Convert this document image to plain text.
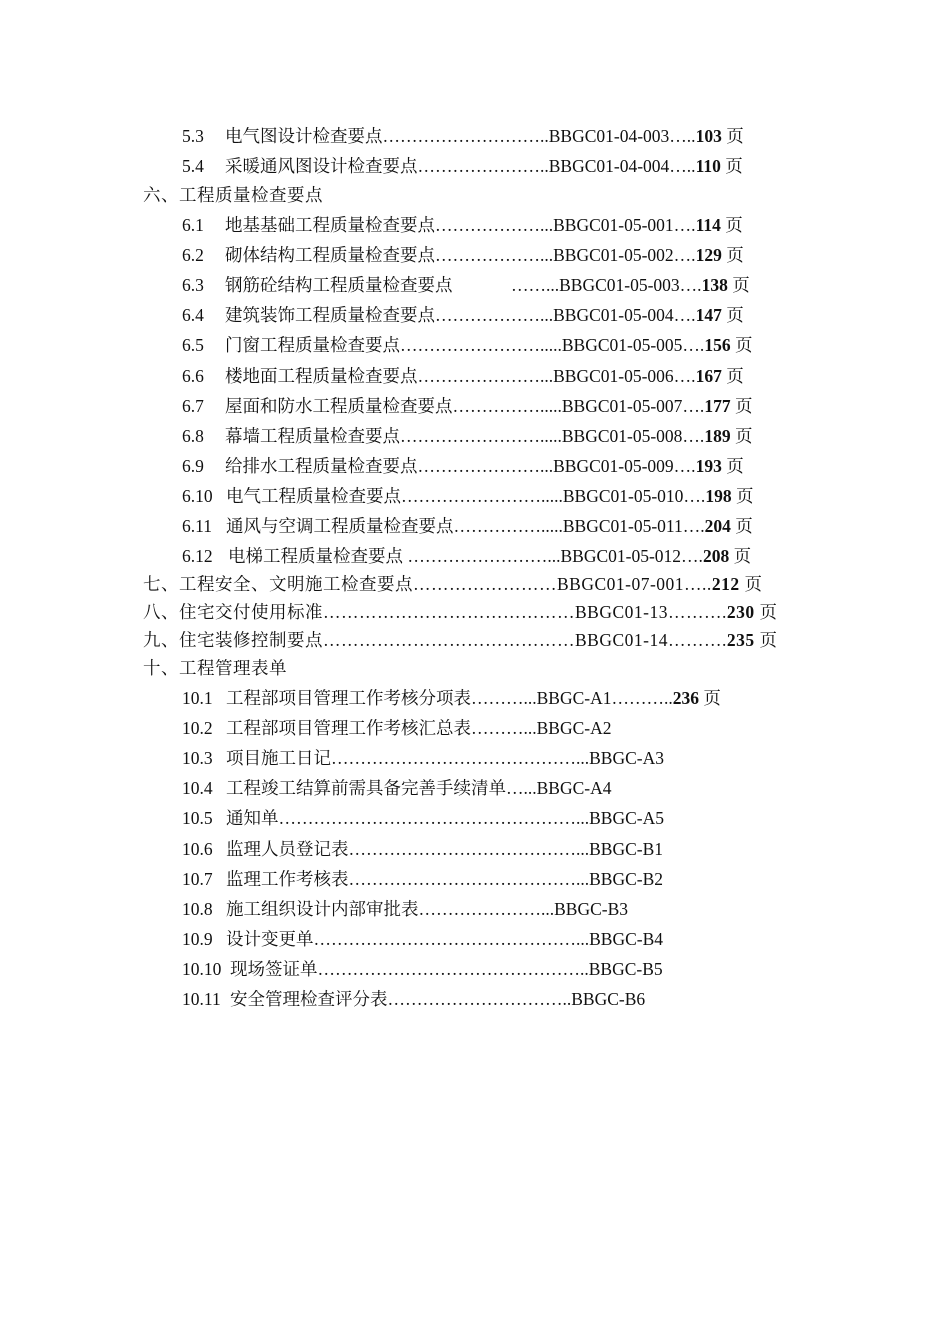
5.3 电气图设计检查要点………………………..BBGC01-04-003…..103 页
5.4 采暖通风图设计检查要点…………………..BBGC01-04-004…..110 页
六、工程质量检查要点
6.1 地基基础工程质量检查要点………………...BBGC01-05-001….114 页
6.2 砌体结构工程质量检查要点………………...BBGC01-05-002….129 页
6.3 钢筋砼结构工程质量检查要点	……...BBGC01-05-003….138 页
6.4 建筑装饰工程质量检查要点………………...BBGC01-05-004….147 页
6.5 门窗工程质量检查要点…………………….....BBGC01-05-005….156 页
6.6 楼地面工程质量检查要点…………………...BBGC01-05-006….167 页
6.7 屋面和防水工程质量检查要点…………….....BBGC01-05-007….177 页
6.8 幕墙工程质量检查要点…………………….....BBGC01-05-008….189 页
6.9 给排水工程质量检查要点…………………...BBGC01-05-009….193 页
6.10 电气工程质量检查要点…………………….....BBGC01-05-010….198 页
6.11 通风与空调工程质量检查要点…………….....BBGC01-05-011….204 页
6.12 电梯工程质量检查要点 ……………………...BBGC01-05-012….208 页
七、工程安全、文明施工检查要点……………………BBGC01-07-001…..212 页
八、住宅交付使用标准……………………………………BBGC01-13……….230 页
九、住宅装修控制要点……………………………………BBGC01-14……….235 页
十、工程管理表单
10.1 工程部项目管理工作考核分项表………...BBGC-A1………..236 页
10.2 工程部项目管理工作考核汇总表………...BBGC-A2
10.3 项目施工日记……………………………………...BBGC-A3
10.4 工程竣工结算前需具备完善手续清单…...BBGC-A4
10.5 通知单……………………………………………...BBGC-A5
10.6 监理人员登记表…………………………………...BBGC-B1
10.7 监理工作考核表…………………………………...BBGC-B2
10.8 施工组织设计内部审批表…………………...BBGC-B3
10.9 设计变更单………………………………………...BBGC-B4
10.10 现场签证单………………………………………..BBGC-B5
10.11 安全管理检查评分表…………………………..BBGC-B6
